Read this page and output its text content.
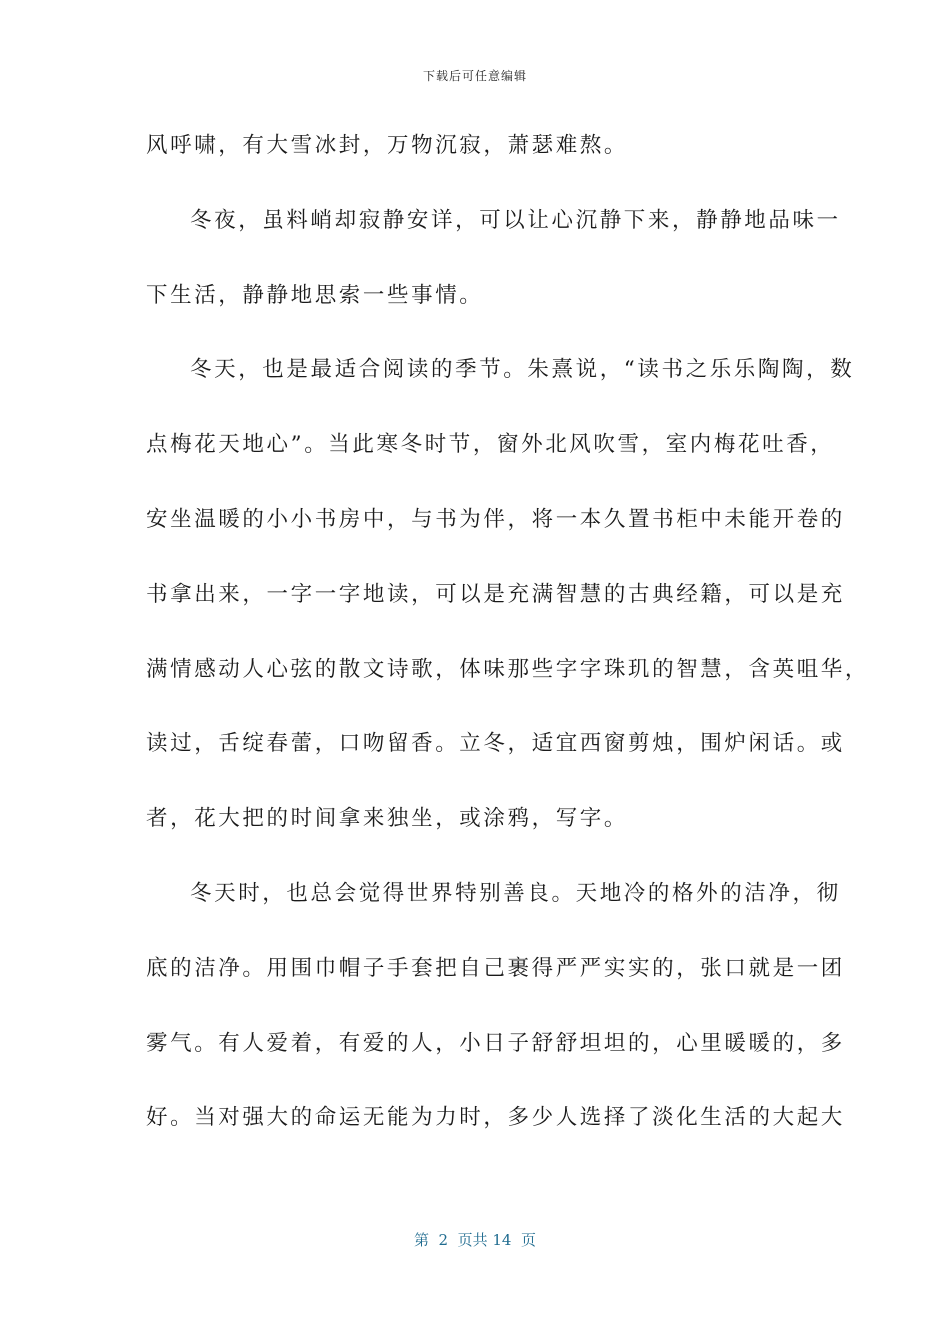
下载后可任意编辑
风呼啸，有大雪冰封，万物沉寂，萧瑟难熬。
冬夜，虽料峭却寂静安详，可以让心沉静下来，静静地品味一
下生活，静静地思索一些事情。
冬天，也是最适合阅读的季节。朱熹说，“读书之乐乐陶陶，数
点梅花天地心”。当此寒冬时节，窗外北风吹雪，室内梅花吐香，
安坐温暖的小小书房中，与书为伴，将一本久置书柜中未能开卷的
书拿出来，一字一字地读，可以是充满智慧的古典经籍，可以是充
满情感动人心弦的散文诗歌，体味那些字字珠玑的智慧，含英咀华，
读过，舌绽春蕾，口吻留香。立冬，适宜西窗剪烛，围炉闲话。或
者，花大把的时间拿来独坐，或涂鸦，写字。
冬天时，也总会觉得世界特别善良。天地冷的格外的洁净，彻
底的洁净。用围巾帽子手套把自己裹得严严实实的，张口就是一团
雾气。有人爱着，有爱的人，小日子舒舒坦坦的，心里暖暖的，多
好。当对强大的命运无能为力时，多少人选择了淡化生活的大起大
第  2  页共 14  页
